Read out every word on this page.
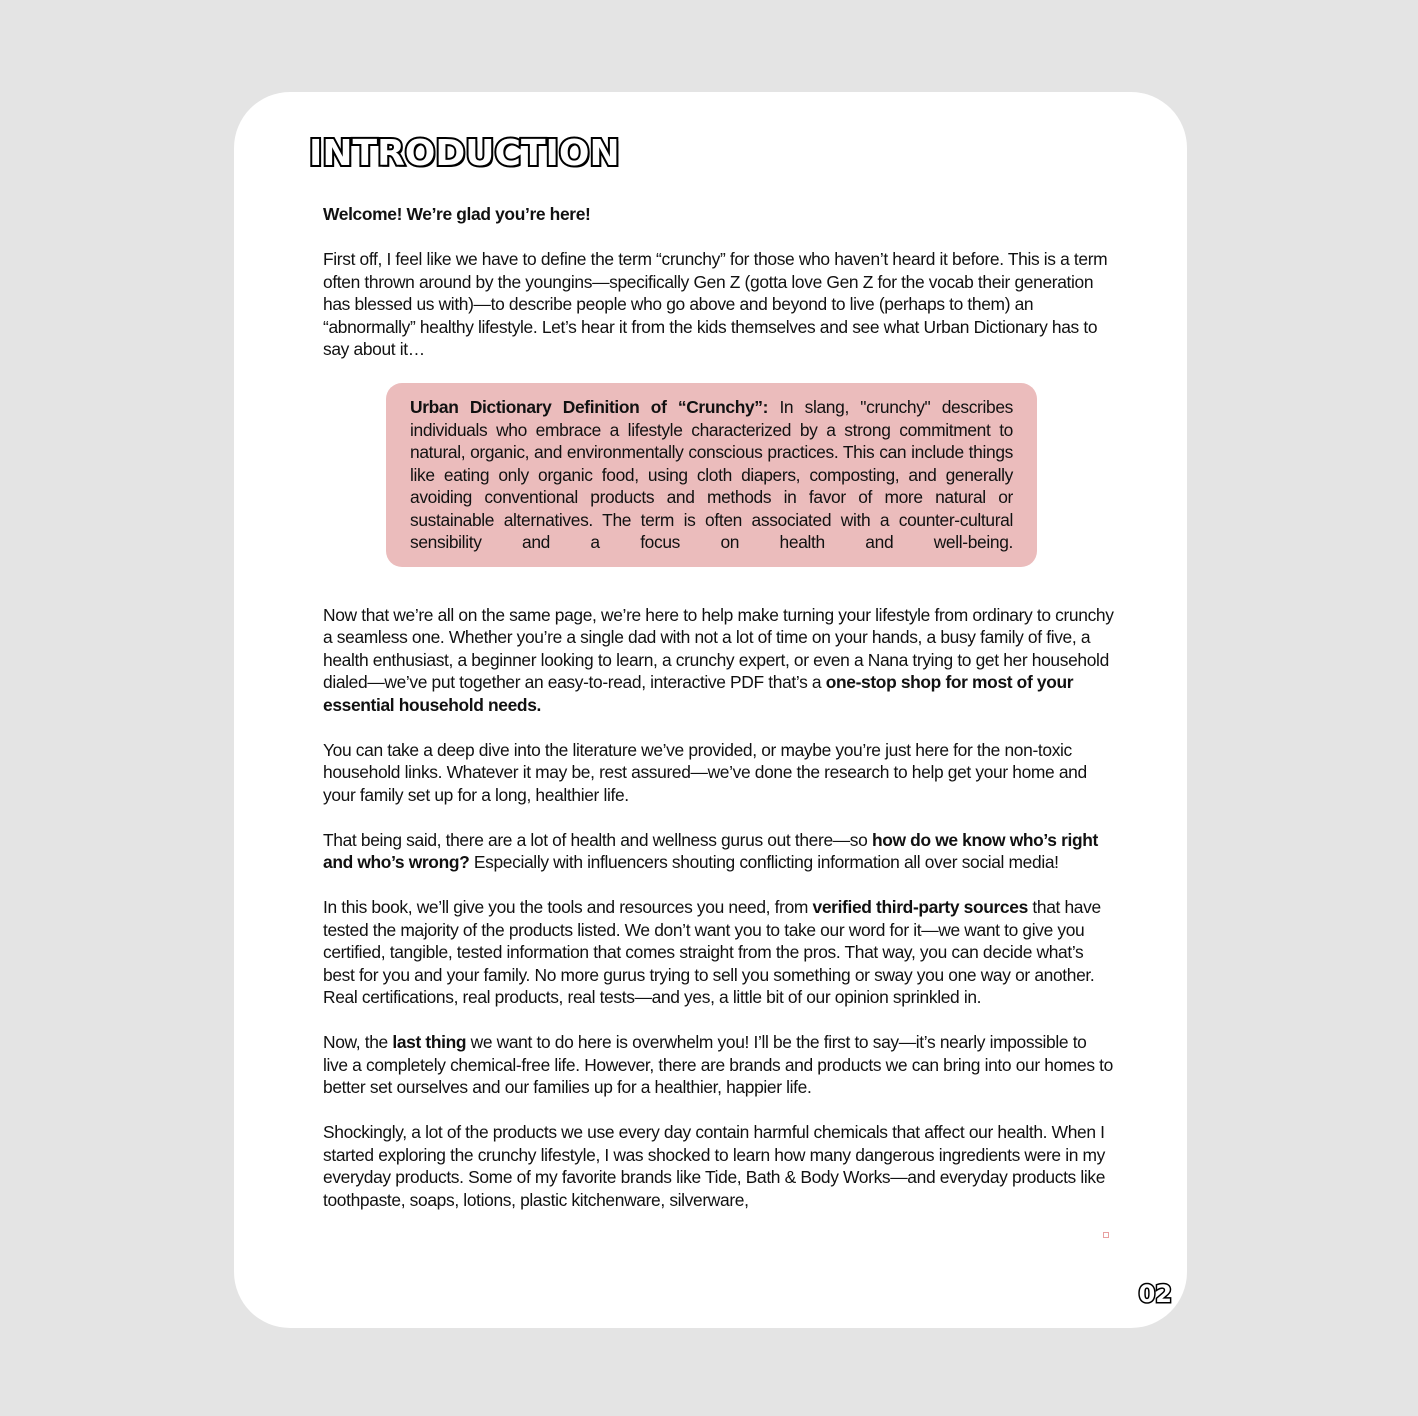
INTRODUCTION

Welcome! We’re glad you’re here!

First off, I feel like we have to define the term “crunchy” for those who haven’t heard it before. This is a term often thrown around by the youngins—specifically Gen Z (gotta love Gen Z for the vocab their generation has blessed us with)—to describe people who go above and beyond to live (perhaps to them) an “abnormally” healthy lifestyle. Let’s hear it from the kids themselves and see what Urban Dictionary has to say about it…

Urban Dictionary Definition of “Crunchy”: In slang, "crunchy" describes individuals who embrace a lifestyle characterized by a strong commitment to natural, organic, and environmentally conscious practices. This can include things like eating only organic food, using cloth diapers, composting, and generally avoiding conventional products and methods in favor of more natural or sustainable alternatives. The term is often associated with a counter-cultural sensibility and a focus on health and well-being.

Now that we’re all on the same page, we’re here to help make turning your lifestyle from ordinary to crunchy a seamless one. Whether you’re a single dad with not a lot of time on your hands, a busy family of five, a health enthusiast, a beginner looking to learn, a crunchy expert, or even a Nana trying to get her household dialed—we’ve put together an easy-to-read, interactive PDF that’s a one-stop shop for most of your essential household needs.

You can take a deep dive into the literature we’ve provided, or maybe you’re just here for the non-toxic household links. Whatever it may be, rest assured—we’ve done the research to help get your home and your family set up for a long, healthier life.

That being said, there are a lot of health and wellness gurus out there—so how do we know who’s right and who’s wrong? Especially with influencers shouting conflicting information all over social media!

In this book, we’ll give you the tools and resources you need, from verified third-party sources that have tested the majority of the products listed. We don’t want you to take our word for it—we want to give you certified, tangible, tested information that comes straight from the pros. That way, you can decide what’s best for you and your family. No more gurus trying to sell you something or sway you one way or another. Real certifications, real products, real tests—and yes, a little bit of our opinion sprinkled in.

Now, the last thing we want to do here is overwhelm you! I’ll be the first to say—it’s nearly impossible to live a completely chemical-free life. However, there are brands and products we can bring into our homes to better set ourselves and our families up for a healthier, happier life.

Shockingly, a lot of the products we use every day contain harmful chemicals that affect our health. When I started exploring the crunchy lifestyle, I was shocked to learn how many dangerous ingredients were in my everyday products. Some of my favorite brands like Tide, Bath & Body Works—and everyday products like toothpaste, soaps, lotions, plastic kitchenware, silverware,

02
